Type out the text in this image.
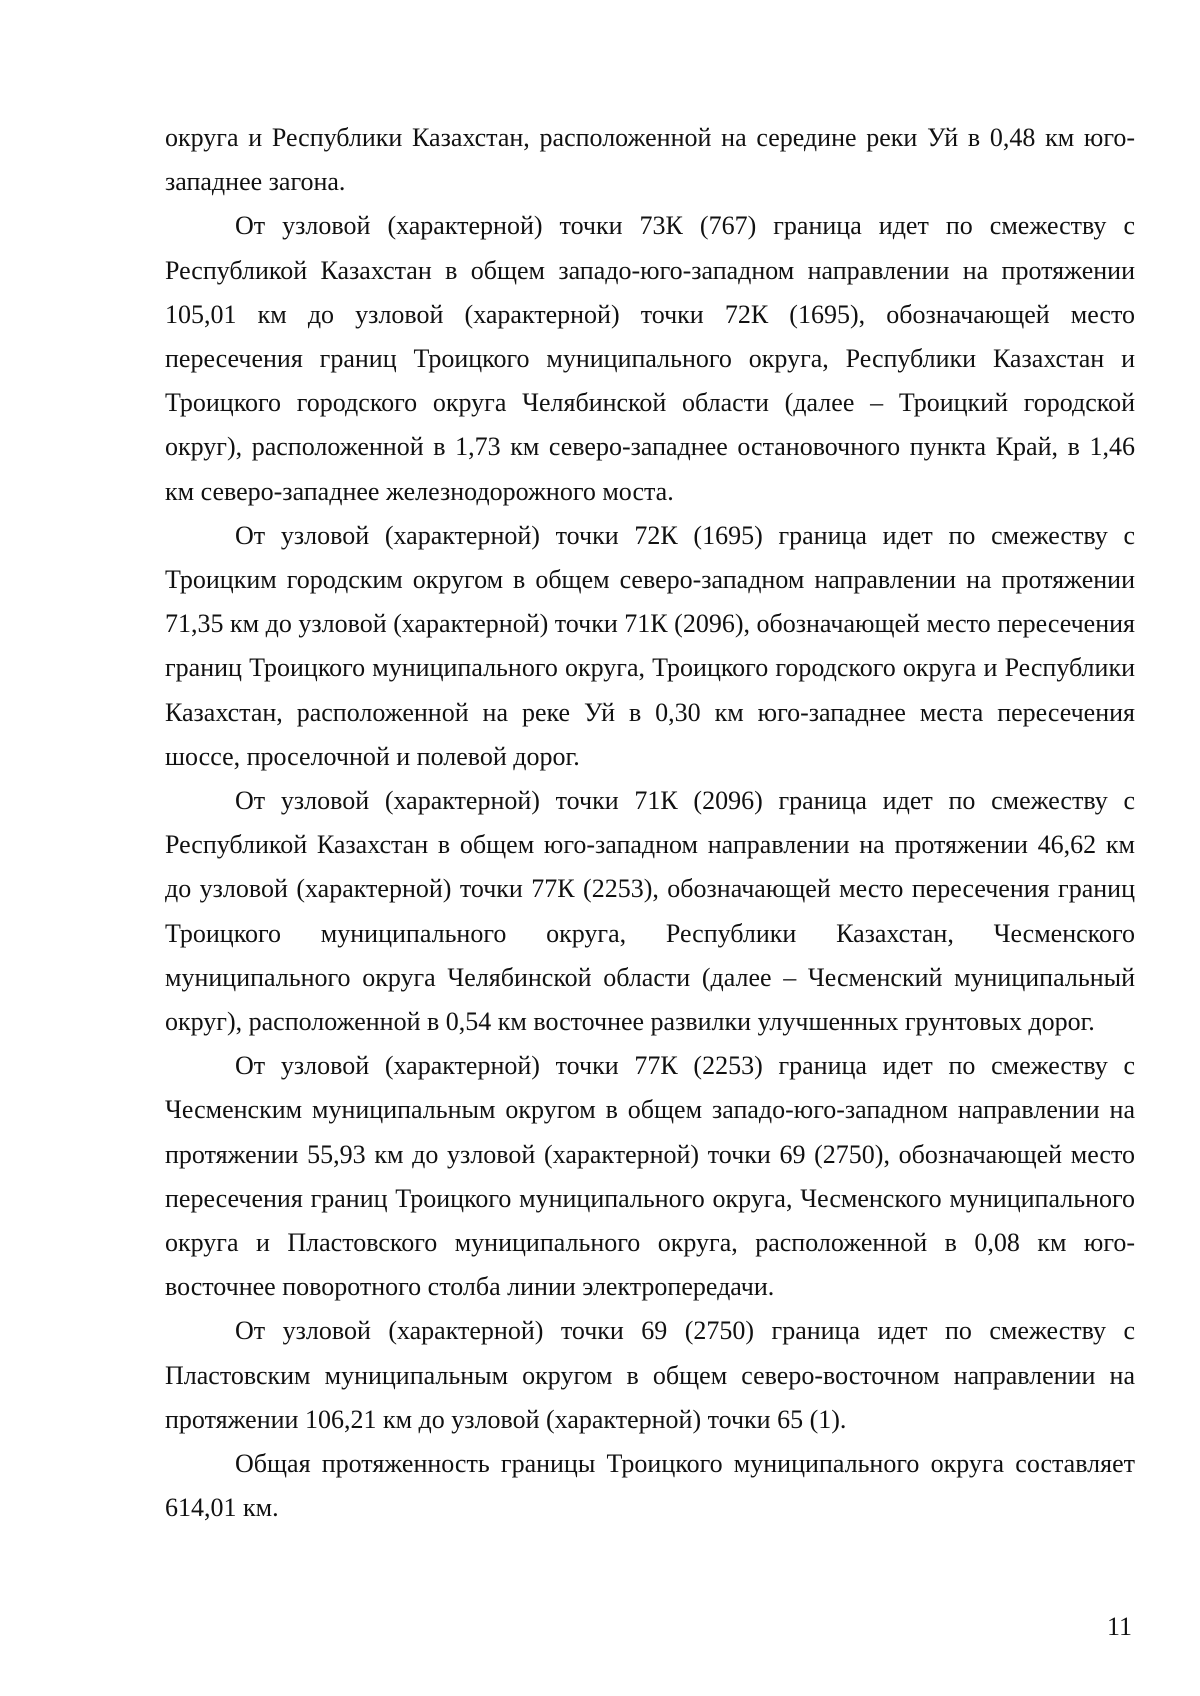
округа и Республики Казахстан, расположенной на середине реки Уй в 0,48 км юго-западнее загона.

От узловой (характерной) точки 73К (767) граница идет по смежеству с Республикой Казахстан в общем западо-юго-западном направлении на протяжении 105,01 км до узловой (характерной) точки 72К (1695), обозначающей место пересечения границ Троицкого муниципального округа, Республики Казахстан и Троицкого городского округа Челябинской области (далее – Троицкий городской округ), расположенной в 1,73 км северо-западнее остановочного пункта Край, в 1,46 км северо-западнее железнодорожного моста.

От узловой (характерной) точки 72К (1695) граница идет по смежеству с Троицким городским округом в общем северо-западном направлении на протяжении 71,35 км до узловой (характерной) точки 71К (2096), обозначающей место пересечения границ Троицкого муниципального округа, Троицкого городского округа и Республики Казахстан, расположенной на реке Уй в 0,30 км юго-западнее места пересечения шоссе, проселочной и полевой дорог.

От узловой (характерной) точки 71К (2096) граница идет по смежеству с Республикой Казахстан в общем юго-западном направлении на протяжении 46,62 км до узловой (характерной) точки 77К (2253), обозначающей место пересечения границ Троицкого муниципального округа, Республики Казахстан, Чесменского муниципального округа Челябинской области (далее – Чесменский муниципальный округ), расположенной в 0,54 км восточнее развилки улучшенных грунтовых дорог.

От узловой (характерной) точки 77К (2253) граница идет по смежеству с Чесменским муниципальным округом в общем западо-юго-западном направлении на протяжении 55,93 км до узловой (характерной) точки 69 (2750), обозначающей место пересечения границ Троицкого муниципального округа, Чесменского муниципального округа и Пластовского муниципального округа, расположенной в 0,08 км юго-восточнее поворотного столба линии электропередачи.

От узловой (характерной) точки 69 (2750) граница идет по смежеству с Пластовским муниципальным округом в общем северо-восточном направлении на протяжении 106,21 км до узловой (характерной) точки 65 (1).

Общая протяженность границы Троицкого муниципального округа составляет 614,01 км.

11
